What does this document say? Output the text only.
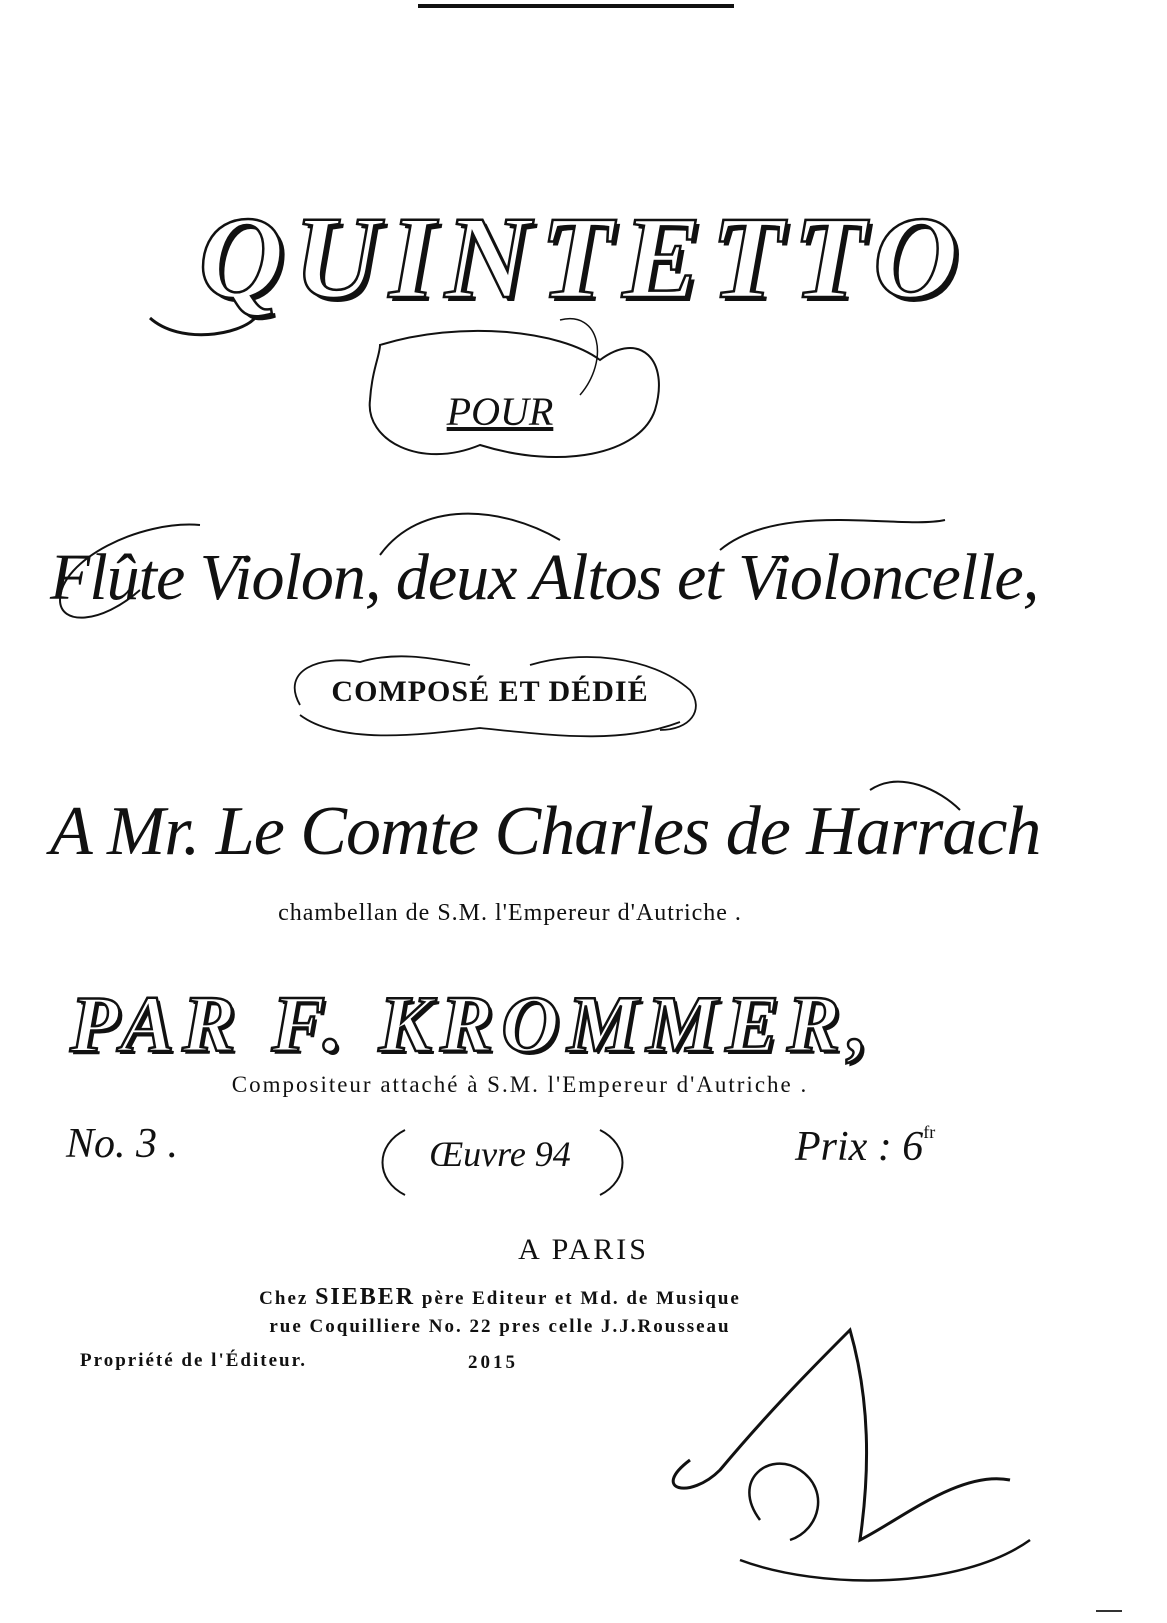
QUINTETTO
POUR
Flûte Violon, deux Altos et Violoncelle,
COMPOSÉ ET DÉDIÉ
A Mr. Le Comte Charles de Harrach
chambellan de S.M. l'Empereur d'Autriche .
PAR F. KROMMER,
Compositeur attaché à S.M. l'Empereur d'Autriche .
No. 3 .	Œuvre 94	Prix : $6^{fr}$
A PARIS
Chez SIEBER père Editeur et Md. de Musique
rue Coquilliere No. 22 pres celle J.J.Rousseau
Propriété de l'Éditeur.	2015
